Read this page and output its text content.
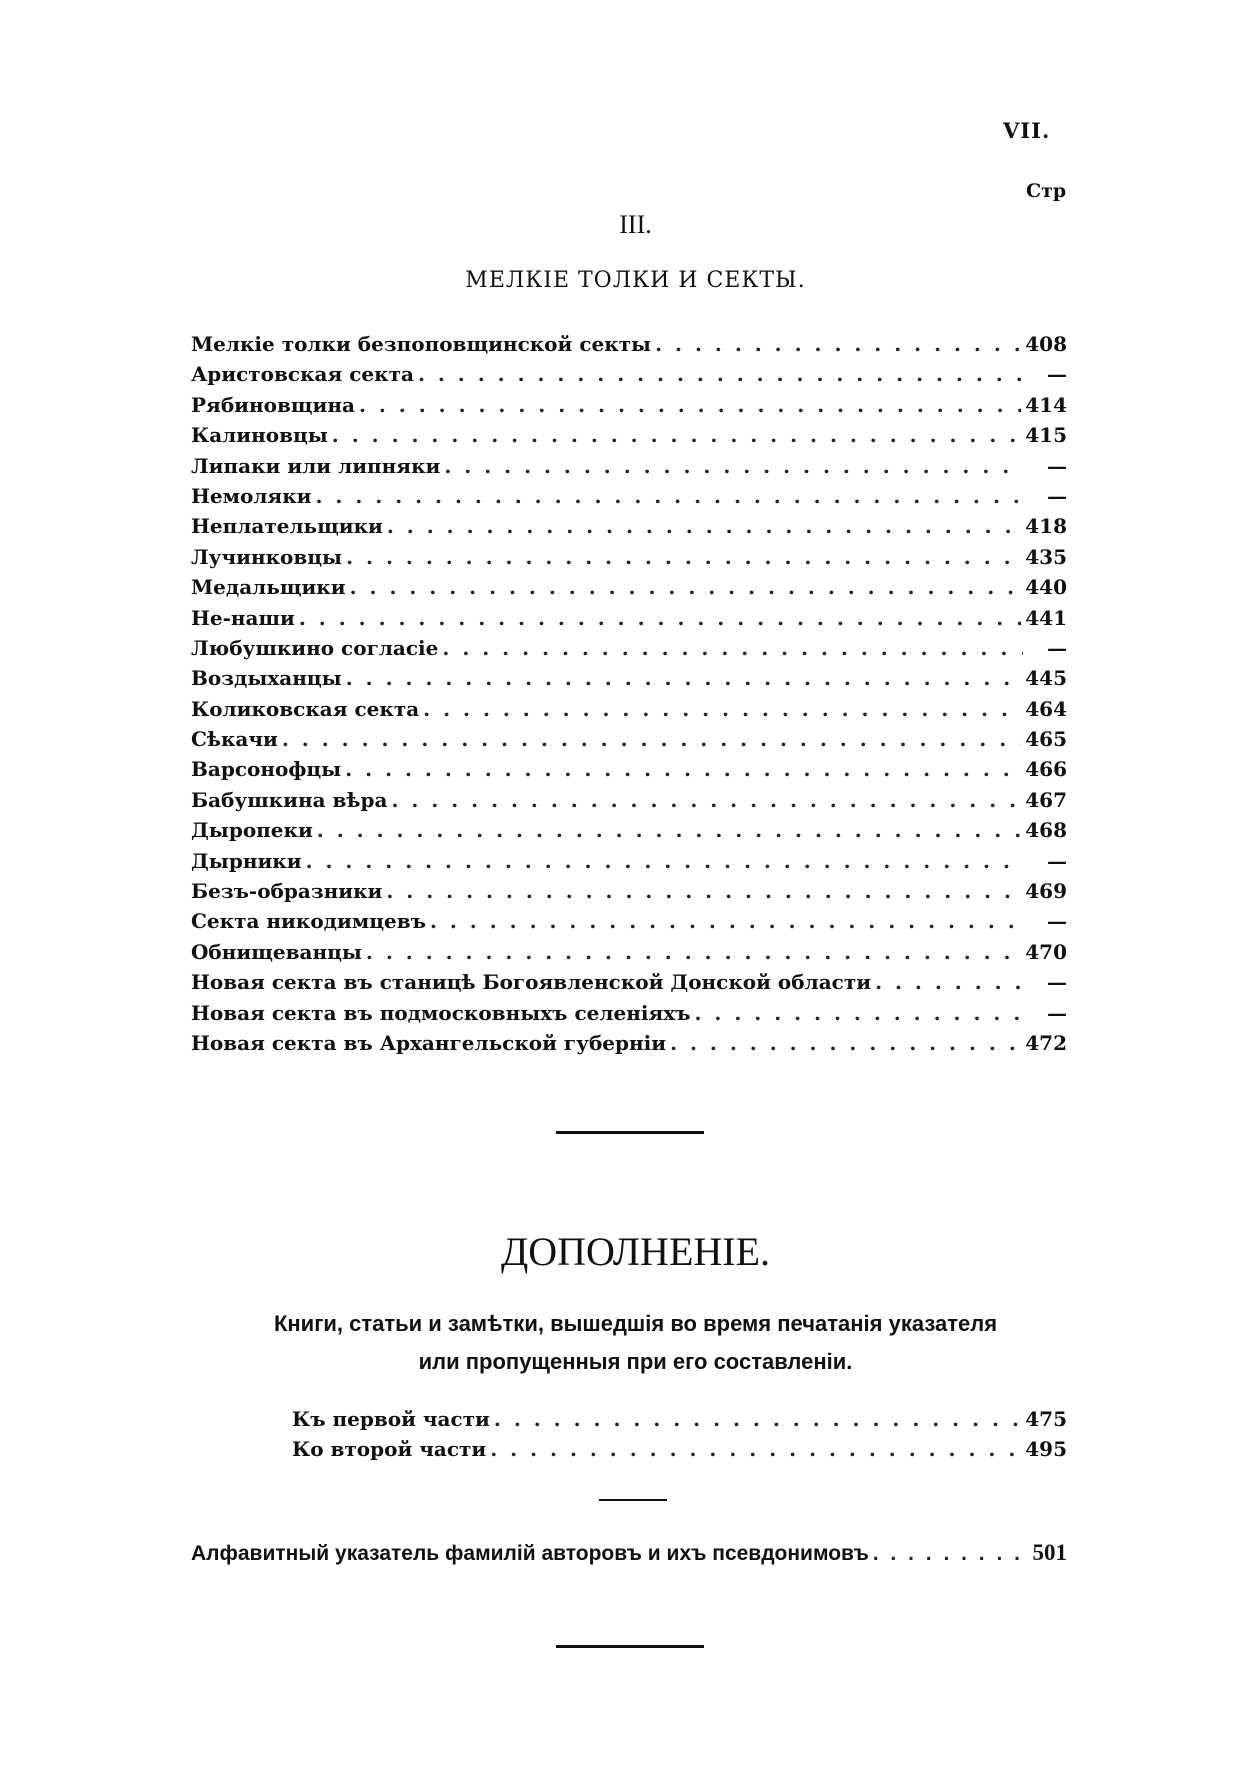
VII.
Стр
III.
МЕЛКІЕ ТОЛКИ И СЕКТЫ.
Мелкіе толки безпоповщинской секты . . .	408
Аристовская секта . . .	—
Рябиновщина . . .	414
Калиновцы . . .	415
Липаки или липняки . . .	—
Немоляки . . .	—
Неплательщики . . .	418
Лучинковцы . . .	435
Медальщики . . .	440
Не-наши . . .	441
Любушкино согласіе . . .	—
Воздыханцы . . .	445
Коликовская секта . . .	464
Сѣкачи . . .	465
Варсонофцы . . .	466
Бабушкина вѣра . . .	467
Дыропеки . . .	468
Дырники . . .	—
Безъ-образники . . .	469
Секта никодимцевъ . . .	—
Обнищеванцы . . .	470
Новая секта въ станицѣ Богоявленской Донской области . . .	—
Новая секта въ подмосковныхъ селеніяхъ . . .	—
Новая секта въ Архангельской губерніи . . .	472
ДОПОЛНЕНІЕ.
Книги, статьи и замѣтки, вышедшія во время печатанія указателя
или пропущенныя при его составленіи.
Къ первой части . . .	475
Ко второй части . . .	495
Алфавитный указатель фамилій авторовъ и ихъ псевдонимовъ . . .	501
